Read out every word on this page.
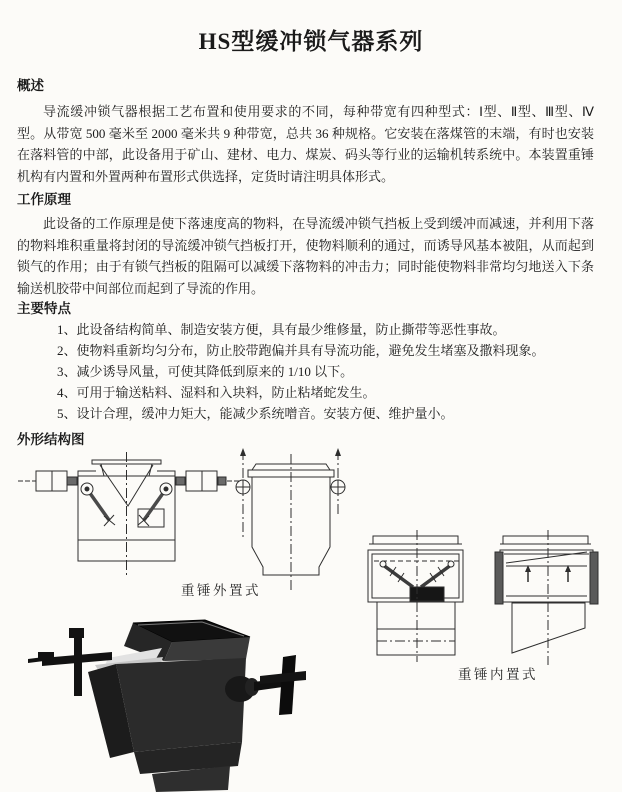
HS型缓冲锁气器系列
概述

导流缓冲锁气器根据工艺布置和使用要求的不同，每种带宽有四种型式：Ⅰ型、Ⅱ型、Ⅲ型、Ⅳ型。从带宽 500 毫米至 2000 毫米共 9 种带宽，总共 36 种规格。它安装在落煤管的末端，有时也安装在落料管的中部，此设备用于矿山、建材、电力、煤炭、码头等行业的运输机转系统中。本装置重锤机构有内置和外置两种布置形式供选择，定货时请注明具体形式。

工作原理

此设备的工作原理是使下落速度高的物料，在导流缓冲锁气挡板上受到缓冲而减速，并利用下落的物料堆积重量将封闭的导流缓冲锁气挡板打开，使物料顺利的通过，而诱导风基本被阻，从而起到锁气的作用；由于有锁气挡板的阻隔可以减缓下落物料的冲击力；同时能使物料非常均匀地送入下条输送机胶带中间部位而起到了导流的作用。

主要特点
1、此设备结构简单、制造安装方便，具有最少维修量，防止撕带等恶性事故。
2、使物料重新均匀分布，防止胶带跑偏并具有导流功能，避免发生堵塞及撒料现象。
3、减少诱导风量，可使其降低到原来的 1/10 以下。
4、可用于输送粘料、湿料和入块料，防止粘堵蛇发生。
5、设计合理，缓冲力矩大，能减少系统噌音。安装方便、维护量小。
外形结构图
重锤外置式
重锤内置式
